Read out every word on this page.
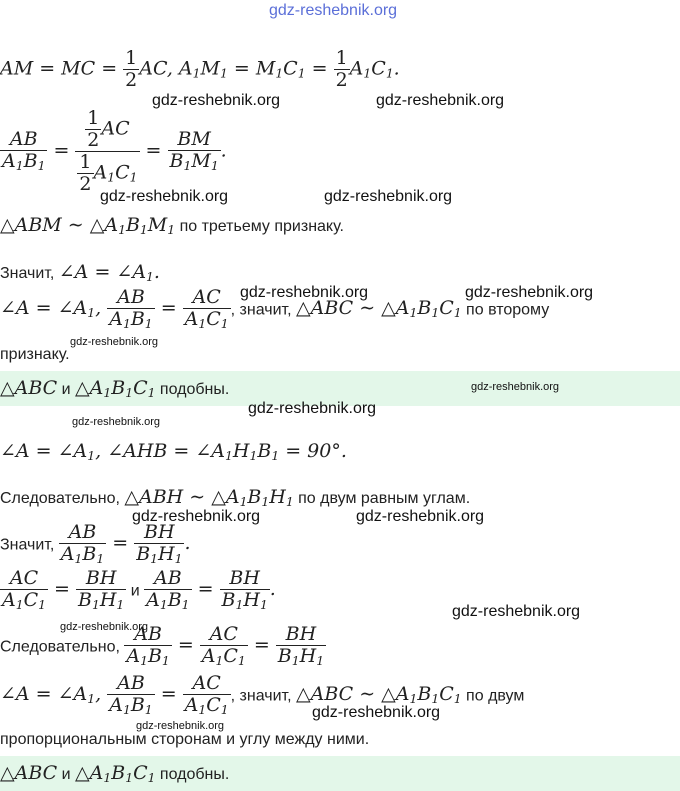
gdz-reshebnik.org
AM = MC = $\frac{1}{2}$ AC, $A_1M_1 = M_1C_1 = \frac{1}{2} A_1C_1$.
$\frac{AB}{A_1B_1} = \frac{\frac{1}{2} AC}{\frac{1}{2} A_1C_1} = \frac{BM}{B_1M_1}$ .
△ABM ∼ $\triangle A_1B_1M_1$ по третьему признаку.
Значит, ∠A = $\angle A_1$.
∠A = $\angle A_1$, $\frac{AB}{A_1B_1} = \frac{AC}{A_1C_1}$ , значит, △ABC ∼ $\triangle A_1B_1C_1$ по второму
признаку.
△ABC и $\triangle A_1B_1C_1$ подобны.
∠A = $\angle A_1$, ∠AHB = $\angle A_1H_1B_1 = 90^\circ$.
Следовательно, △ABH ∼ $\triangle A_1B_1H_1$ по двум равным углам.
Значит, $\frac{AB}{A_1B_1} = \frac{BH}{B_1H_1}$ .
$\frac{AC}{A_1C_1} = \frac{BH}{B_1H_1}$ и $\frac{AB}{A_1B_1} = \frac{BH}{B_1H_1}$ .
Следовательно, $\frac{AB}{A_1B_1} = \frac{AC}{A_1C_1} = \frac{BH}{B_1H_1}$
∠A = $\angle A_1$, $\frac{AB}{A_1B_1} = \frac{AC}{A_1C_1}$ , значит, △ABC ∼ $\triangle A_1B_1C_1$ по двум
пропорциональным сторонам и углу между ними.
△ABC и $\triangle A_1B_1C_1$ подобны.
gdz-reshebnik.org	gdz-reshebnik.org
gdz-reshebnik.org	gdz-reshebnik.org
gdz-reshebnik.org	gdz-reshebnik.org
gdz-reshebnik.org
gdz-reshebnik.org
gdz-reshebnik.org
gdz-reshebnik.org
gdz-reshebnik.org	gdz-reshebnik.org
gdz-reshebnik.org
gdz-reshebnik.org
gdz-reshebnik.org
gdz-reshebnik.org
